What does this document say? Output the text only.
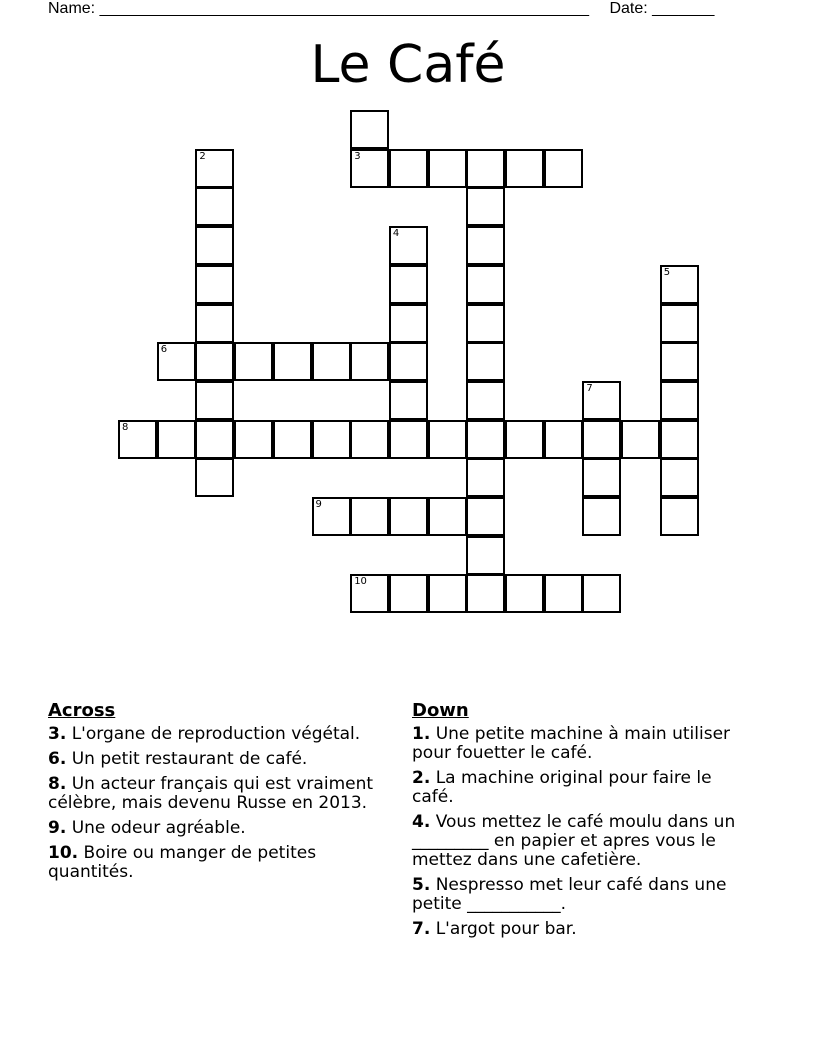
Name: _______________________________________________________ Date: _______
Le Café
2	3
4
5
6
7
8
9
10
Across
3. L'organe de reproduction végétal.
6. Un petit restaurant de café.
8. Un acteur français qui est vraiment célèbre, mais devenu Russe en 2013.
9. Une odeur agréable.
10. Boire ou manger de petites quantités.
Down
1. Une petite machine à main utiliser pour fouetter le café.
2. La machine original pour faire le café.
4. Vous mettez le café moulu dans un _________ en papier et apres vous le mettez dans une cafetière.
5. Nespresso met leur café dans une petite ___________.
7. L'argot pour bar.
